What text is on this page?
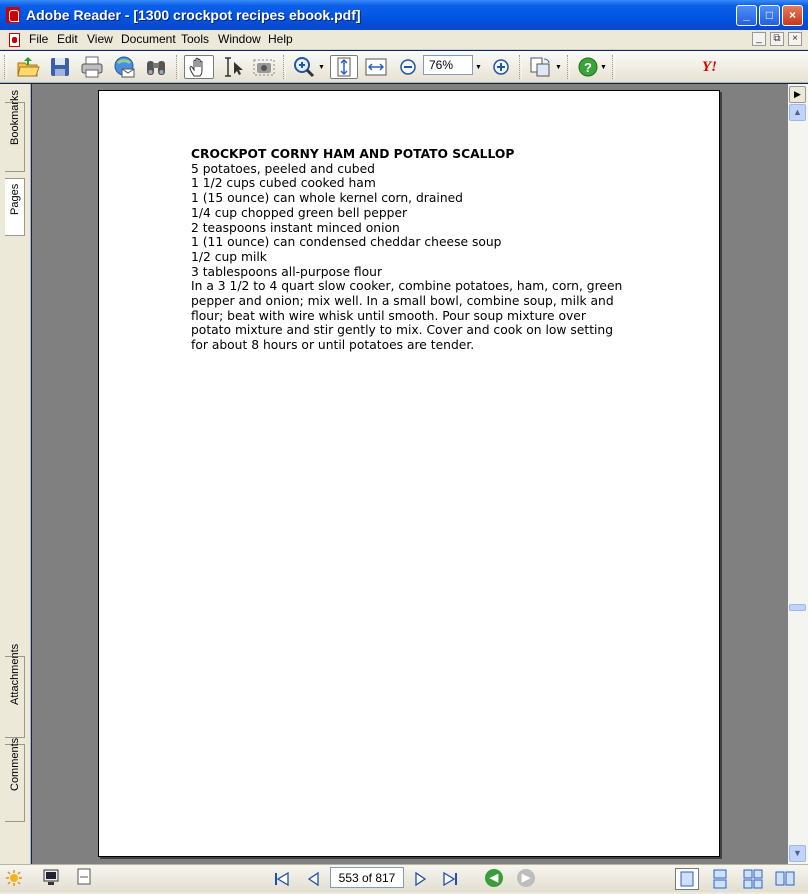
Adobe Reader - [1300 crockpot recipes ebook.pdf]	_	□	×
File Edit View Document Tools Window Help	_	⧉	×
▼	▼	▼ ? ▼	Y!
76%
Bookmarks
Pages
Attachments
Comments
CROCKPOT CORNY HAM AND POTATO SCALLOP
5 potatoes, peeled and cubed
1 1/2 cups cubed cooked ham
1 (15 ounce) can whole kernel corn, drained
1/4 cup chopped green bell pepper
2 teaspoons instant minced onion
1 (11 ounce) can condensed cheddar cheese soup
1/2 cup milk
3 tablespoons all-purpose flour
In a 3 1/2 to 4 quart slow cooker, combine potatoes, ham, corn, green
pepper and onion; mix well. In a small bowl, combine soup, milk and
flour; beat with wire whisk until smooth. Pour soup mixture over
potato mixture and stir gently to mix. Cover and cook on low setting
for about 8 hours or until potatoes are tender.
▶
▲
▼
553 of 817	◀	▶
